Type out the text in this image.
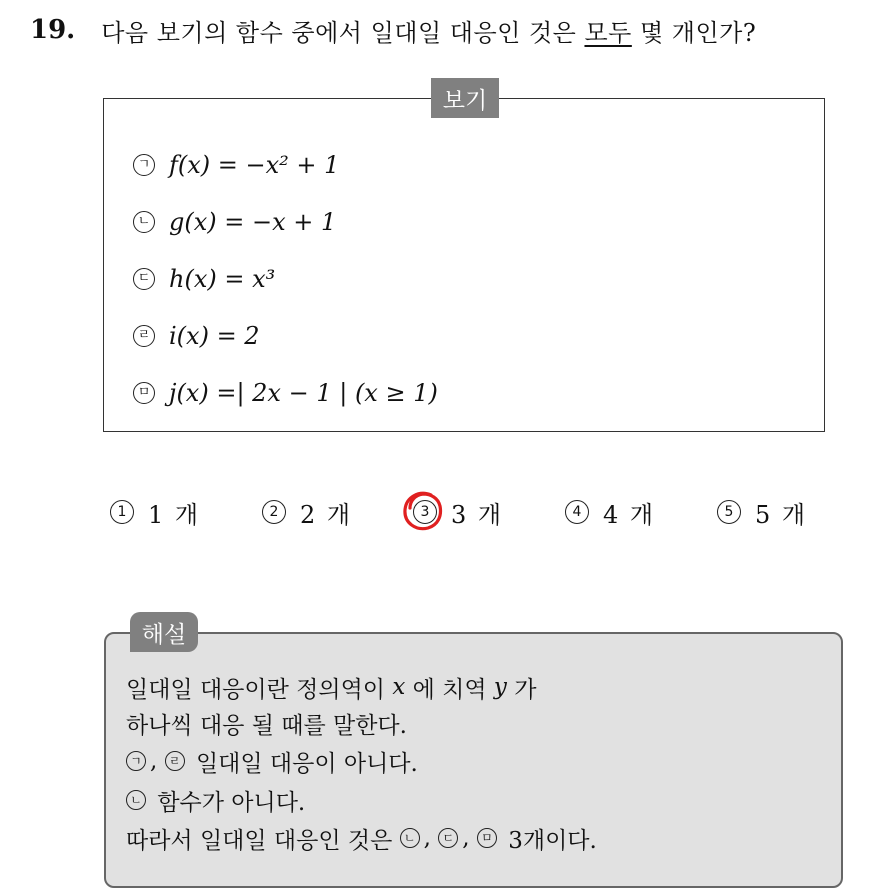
19. 다음 보기의 함수 중에서 일대일 대응인 것은 모두 몇 개인가?
보기
ㄱ f(x) = −x² + 1
ㄴ g(x) = −x + 1
ㄷ h(x) = x³
ㄹ i(x) = 2
ㅁ j(x) =| 2x − 1 | (x ≥ 1)
1 1 개	2 2 개	3 3 개	4 4 개	5 5 개
해설
일대일 대응이란 정의역이
x
에 치역
y
가
하나씩 대응 될 때를 말한다.
ㄱ ,
ㄹ
일대일 대응이 아니다.
ㄴ
함수가 아니다.
따라서 일대일 대응인 것은
ㄴ ,
ㄷ ,
ㅁ
3개이다.
